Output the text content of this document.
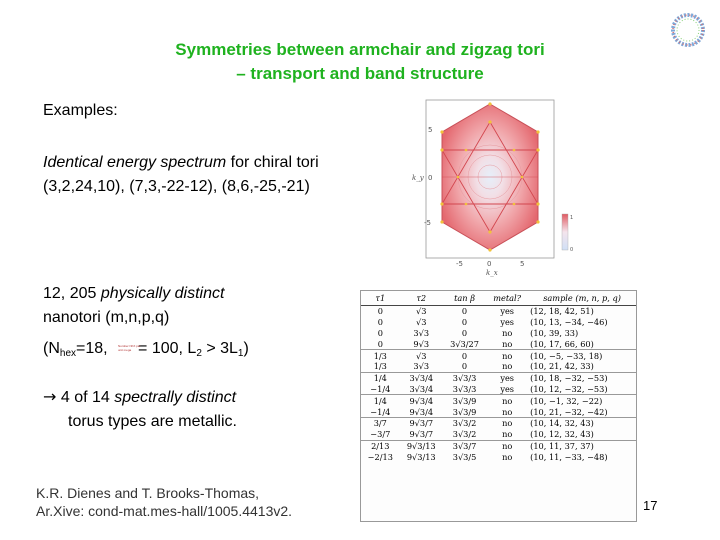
Symmetries between armchair and zigzag tori
– transport and band structure
Examples:
Identical energy spectrum for chiral tori
(3,2,24,10), (7,3,-22-12), (8,6,-25,-21)
12, 205 physically distinct
nanotori (m,n,p,q)
($N_{hex}=18$, = 100, $L_2 > 3L_1$)
Number NhX per unit mega
→ 4 of 14 spectrally distinct
torus types are metallic.
K.R. Dienes and T. Brooks-Thomas,
Ar.Xive: cond-mat.mes-hall/1005.4413v2.	17
1
0
5
0
-5
k_y
-5	0	5
k_x
τ1	τ2	tan β	metal?	sample (m, n, p, q)
0	√3	0	yes	(12, 18, 42, 51)
0	√3	0	yes	(10, 13, −34, −46)
0	3√3	0	no	(10, 39, 33)
0	9√3	3√3/27	no	(10, 17, 66, 60)
1/3	√3	0	no	(10, −5, −33, 18)
1/3	3√3	0	no	(10, 21, 42, 33)
1/4	3√3/4	3√3/3	yes	(10, 18, −32, −53)
−1/4	3√3/4	3√3/3	yes	(10, 12, −32, −53)
1/4	9√3/4	3√3/9	no	(10, −1, 32, −22)
−1/4	9√3/4	3√3/9	no	(10, 21, −32, −42)
3/7	9√3/7	3√3/2	no	(10, 14, 32, 43)
−3/7	9√3/7	3√3/2	no	(10, 12, 32, 43)
2/13	9√3/13	3√3/7	no	(10, 11, 37, 37)
−2/13	9√3/13	3√3/5	no	(10, 11, −33, −48)
